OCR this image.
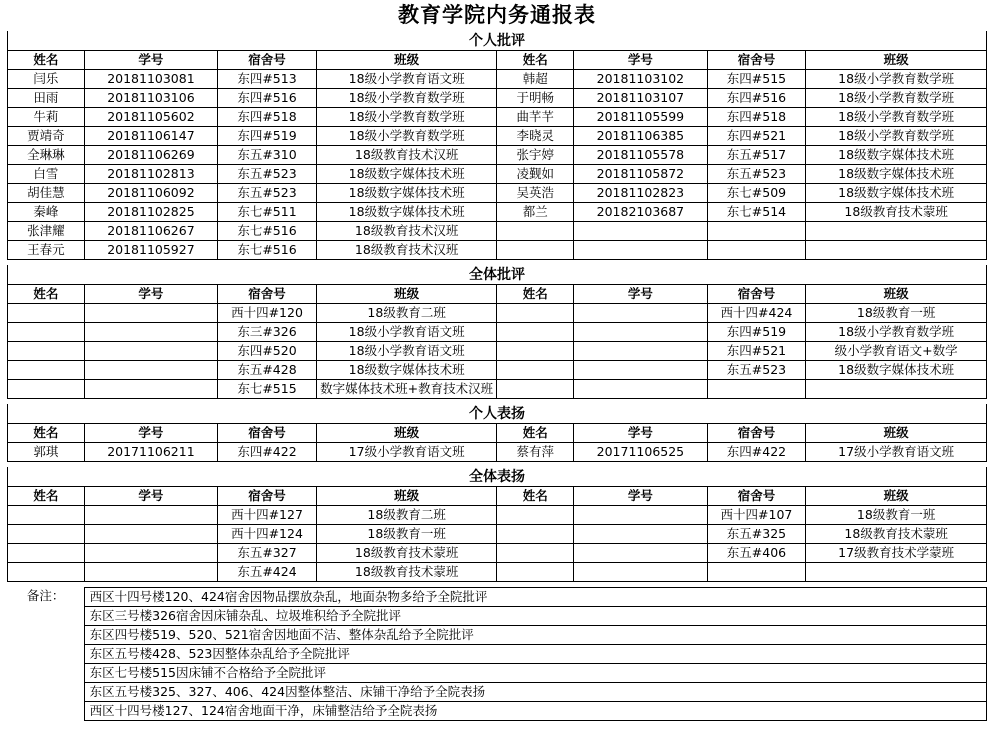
教育学院内务通报表
个人批评							
姓名	学号	宿舍号	班级	姓名	学号	宿舍号	班级
闫乐	20181103081	东四#513	18级小学教育语文班	韩超	20181103102	东四#515	18级小学教育数学班
田雨	20181103106	东四#516	18级小学教育数学班	于明畅	20181103107	东四#516	18级小学教育数学班
牛莉	20181105602	东四#518	18级小学教育数学班	曲芊芊	20181105599	东四#518	18级小学教育数学班
贾靖奇	20181106147	东四#519	18级小学教育数学班	李晓灵	20181106385	东四#521	18级小学教育数学班
全琳琳	20181106269	东五#310	18级教育技术汉班	张宇婷	20181105578	东五#517	18级数字媒体技术班
白雪	20181102813	东五#523	18级数字媒体技术班	凌觐如	20181105872	东五#523	18级数字媒体技术班
胡佳慧	20181106092	东五#523	18级数字媒体技术班	吴英浩	20181102823	东七#509	18级数字媒体技术班
秦峰	20181102825	东七#511	18级数字媒体技术班	都兰	20182103687	东七#514	18级教育技术蒙班
张津耀	20181106267	东七#516	18级教育技术汉班				
王春元	20181105927	东七#516	18级教育技术汉班				

全体批评							
姓名	学号	宿舍号	班级	姓名	学号	宿舍号	班级
		西十四#120	18级教育二班			西十四#424	18级教育一班
		东三#326	18级小学教育语文班			东四#519	18级小学教育数学班
		东四#520	18级小学教育语文班			东四#521	级小学教育语文+数学
		东五#428	18级数字媒体技术班			东五#523	18级数字媒体技术班
		东七#515	数字媒体技术班+教育技术汉班				

个人表扬							
姓名	学号	宿舍号	班级	姓名	学号	宿舍号	班级
郭琪	20171106211	东四#422	17级小学教育语文班	蔡有萍	20171106525	东四#422	17级小学教育语文班

全体表扬							
姓名	学号	宿舍号	班级	姓名	学号	宿舍号	班级
		西十四#127	18级教育二班			西十四#107	18级教育一班
		西十四#124	18级教育一班			东五#325	18级教育技术蒙班
		东五#327	18级教育技术蒙班			东五#406	17级教育技术学蒙班
		东五#424	18级教育技术蒙班				

备注：	西区十四号楼120、424宿舍因物品摆放杂乱，地面杂物多给予全院批评						
	东区三号楼326宿舍因床铺杂乱、垃圾堆积给予全院批评						
	东区四号楼519、520、521宿舍因地面不洁、整体杂乱给予全院批评						
	东区五号楼428、523因整体杂乱给予全院批评						
	东区七号楼515因床铺不合格给予全院批评						
	东区五号楼325、327、406、424因整体整洁、床铺干净给予全院表扬						
	西区十四号楼127、124宿舍地面干净，床铺整洁给予全院表扬						
